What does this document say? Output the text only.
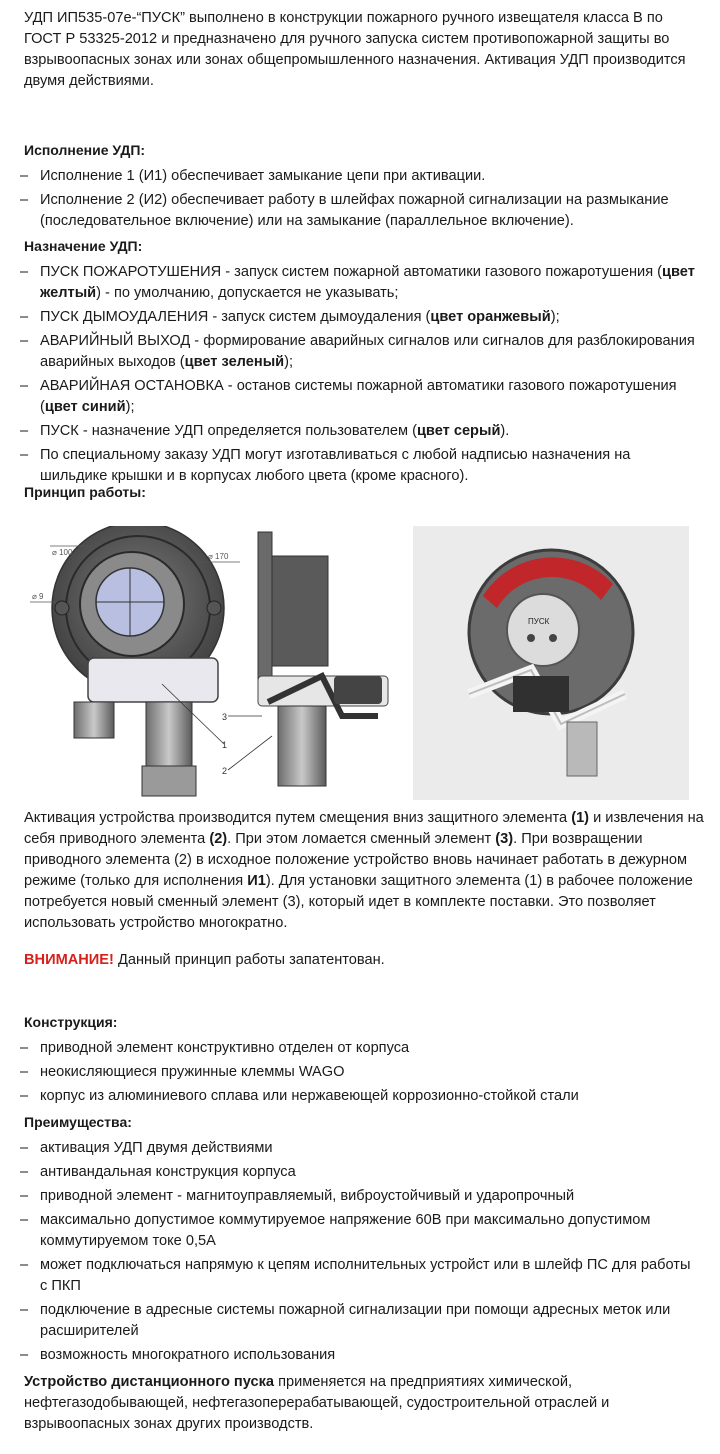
УДП ИП535-07е-“ПУСК” выполнено в конструкции пожарного ручного извещателя класса В по ГОСТ Р 53325-2012 и предназначено для ручного запуска систем противопожарной защиты во взрывоопасных зонах или зонах общепромышленного назначения. Активация УДП производится двумя действиями.

Исполнение УДП:
– Исполнение 1 (И1) обеспечивает замыкание цепи при активации.
– Исполнение 2 (И2) обеспечивает работу в шлейфах пожарной сигнализации на размыкание (последовательное включение) или на замыкание (параллельное включение).
Назначение УДП:
– ПУСК ПОЖАРОТУШЕНИЯ - запуск систем пожарной автоматики газового пожаротушения (цвет желтый) - по умолчанию, допускается не указывать;
– ПУСК ДЫМОУДАЛЕНИЯ - запуск систем дымоудаления (цвет оранжевый);
– АВАРИЙНЫЙ ВЫХОД - формирование аварийных сигналов или сигналов для разблокирования аварийных выходов (цвет зеленый);
– АВАРИЙНАЯ ОСТАНОВКА - останов системы пожарной автоматики газового пожаротушения (цвет синий);
– ПУСК - назначение УДП определяется пользователем (цвет серый).
– По специальному заказу УДП могут изготавливаться с любой надписью назначения на шильдике крышки и в корпусах любого цвета (кроме красного).
Принцип работы:
⌀ 100	⌀ 170
⌀ 9
1
3
2
ПУСК

Активация устройства производится путем смещения вниз защитного элемента (1) и извлечения на себя приводного элемента (2). При этом ломается сменный элемент (3). При возвращении приводного элемента (2) в исходное положение устройство вновь начинает работать в дежурном режиме (только для исполнения И1). Для установки защитного элемента (1) в рабочее положение потребуется новый сменный элемент (3), который идет в комплекте поставки. Это позволяет использовать устройство многократно.

ВНИМАНИЕ! Данный принцип работы запатентован.

Конструкция:
– приводной элемент конструктивно отделен от корпуса
– неокисляющиеся пружинные клеммы WAGO
– корпус из алюминиевого сплава или нержавеющей коррозионно-стойкой стали
Преимущества:
– активация УДП двумя действиями
– антивандальная конструкция корпуса
– приводной элемент - магнитоуправляемый, виброустойчивый и ударопрочный
– максимально допустимое коммутируемое напряжение 60В при максимально допустимом коммутируемом токе 0,5А
– может подключаться напрямую к цепям исполнительных устройст или в шлейф ПС для работы с ПКП
– подключение в адресные системы пожарной сигнализации при помощи адресных меток или расширителей
– возможность многократного использования

Устройство дистанционного пуска применяется на предприятиях химической, нефтегазодобывающей, нефтегазоперерабатывающей, судостроительной отраслей и взрывоопасных зонах других производств.
